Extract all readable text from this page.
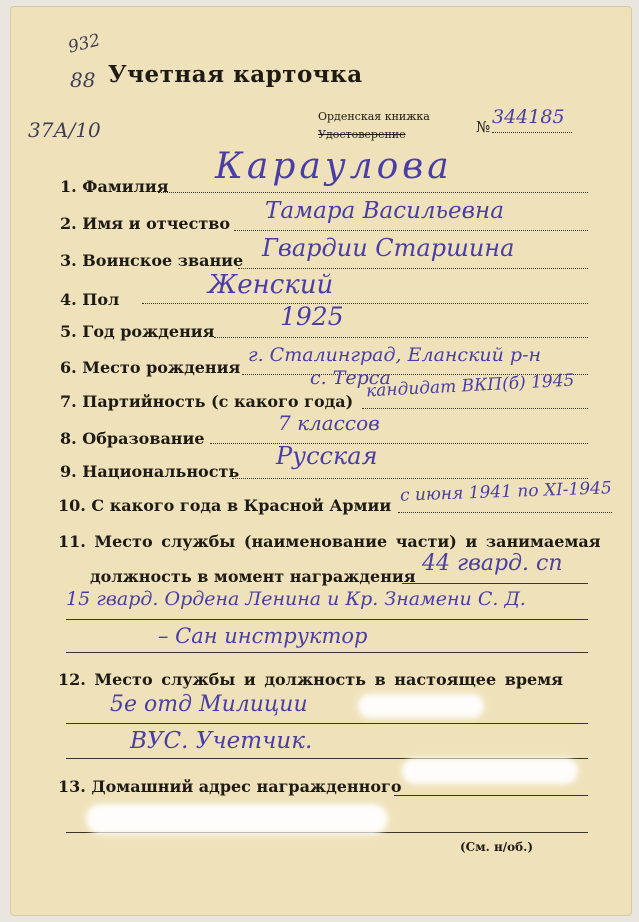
932
88
37А/10
Учетная карточка
Орденская книжка
Удостоверение	№ 344185
1. Фамилия Караулова
2. Имя и отчество Тамара Васильевна
3. Воинское звание Гвардии Старшина
4. Пол	Женский
5. Год рождения
1925
6. Место рождения
г. Сталинград, Еланский р-н
с. Терса
7. Партийность (с какого года)
кандидат ВКП(б) 1945
8. Образование
7 классов
9. Национальность
Русская
10. С какого года в Красной Армии с июня 1941 по XI-1945
11. Место службы (наименование части) и занимаемая
должность в момент награждения
44 гвард. сп
15 гвард. Ордена Ленина и Кр. Знамени С. Д.
– Сан инструктор
12. Место службы и должность в настоящее время
5е отд Милиции
ВУС. Учетчик.
13. Домашний адрес награжденного
(См. н/об.)
